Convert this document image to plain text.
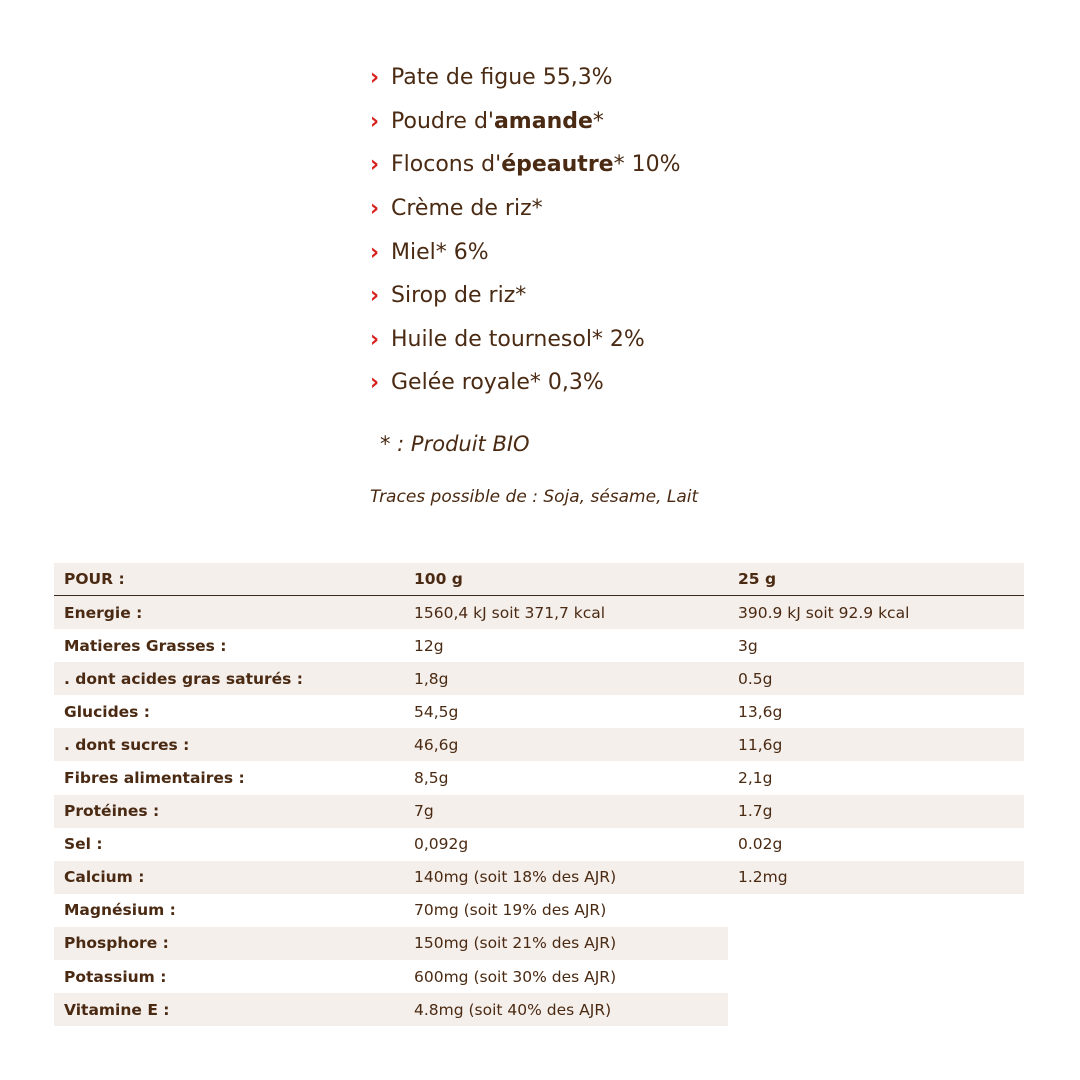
› Pate de figue 55,3%
› Poudre d' amande *
› Flocons d' épeautre * 10%
› Crème de riz*
› Miel* 6%
› Sirop de riz*
› Huile de tournesol* 2%
› Gelée royale* 0,3%
* : Produit BIO
Traces possible de : Soja, sésame, Lait
POUR :	100 g	25 g
Energie :	1560,4 kJ soit 371,7 kcal	390.9 kJ soit 92.9 kcal
Matieres Grasses :	12g	3g
. dont acides gras saturés :	1,8g	0.5g
Glucides :	54,5g	13,6g
. dont sucres :	46,6g	11,6g
Fibres alimentaires :	8,5g	2,1g
Protéines :	7g	1.7g
Sel :	0,092g	0.02g
Calcium :	140mg (soit 18% des AJR)	1.2mg
Magnésium :	70mg (soit 19% des AJR)
Phosphore :	150mg (soit 21% des AJR)
Potassium :	600mg (soit 30% des AJR)
Vitamine E :	4.8mg (soit 40% des AJR)
